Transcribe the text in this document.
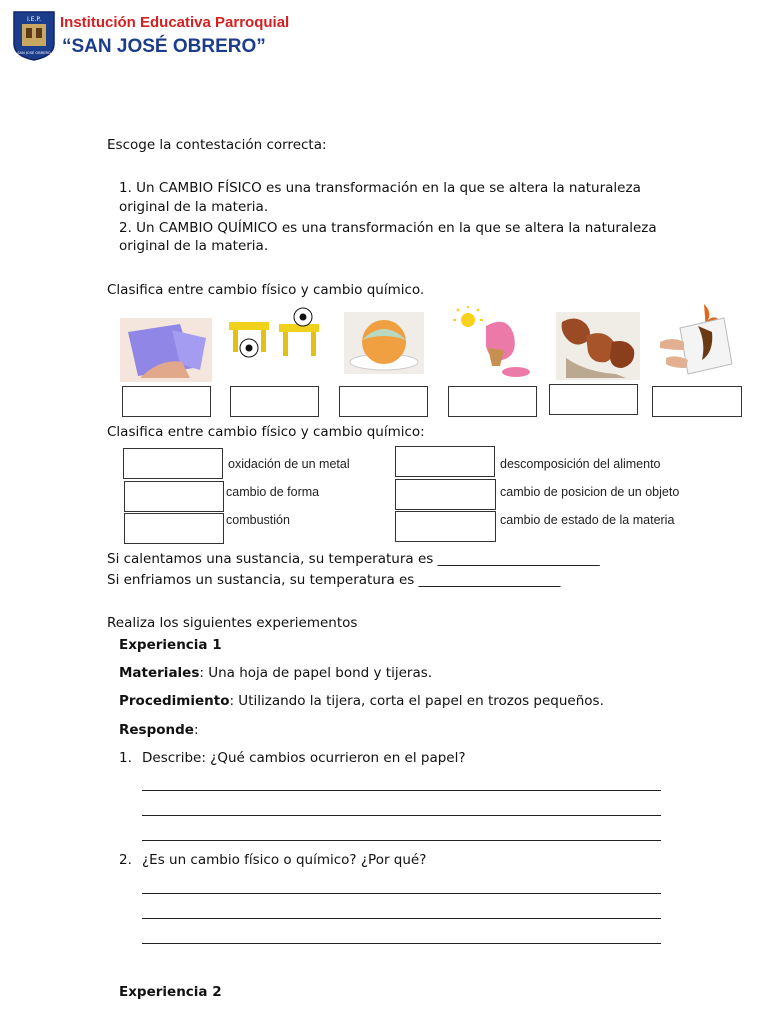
I.E.P.
SAN JOSÉ OBRERO
Institución Educativa Parroquial
“SAN JOSÉ OBRERO”
Escoge la contestación correcta:
1. Un CAMBIO FÍSICO es una transformación en la que se altera la naturaleza
original de la materia.
2. Un CAMBIO QUÍMICO es una transformación en la que se altera la naturaleza
original de la materia.
Clasifica entre cambio físico y cambio químico.
Clasifica entre cambio físico y cambio químico:
oxidación de un metal
cambio de forma
combustión
descomposición del alimento
cambio de posicion de un objeto
cambio de estado de la materia
Si calentamos una sustancia, su temperatura es ________________________
Si enfriamos un sustancia, su temperatura es _____________________
Realiza los siguientes experiementos
Experiencia 1
Materiales: Una hoja de papel bond y tijeras.
Procedimiento: Utilizando la tijera, corta el papel en trozos pequeños.
Responde:
1. Describe: ¿Qué cambios ocurrieron en el papel?
2. ¿Es un cambio físico o químico? ¿Por qué?
Experiencia 2
